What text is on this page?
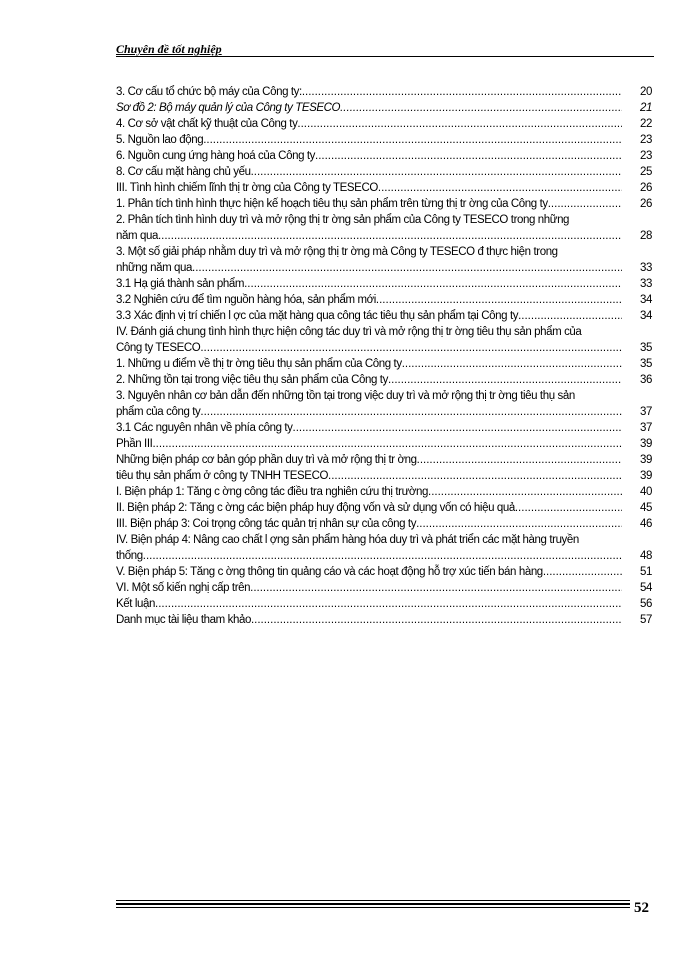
Chuyên đề tốt nghiệp
3. Cơ cấu tổ chức bộ máy của Công ty: .....	20
Sơ đồ 2: Bộ máy quản lý của Công ty TESECO .....	21
4. Cơ sở vật chất kỹ thuật của Công ty .....	22
5. Nguồn lao động .....	23
6. Nguồn cung ứng hàng hoá của Công ty .....	23
8. Cơ cấu mặt hàng chủ yếu .....	25
III. Tình hình chiếm lĩnh thị tr ờng của Công ty TESECO .....	26
1. Phân tích tình hình thực hiện kế hoạch tiêu thụ sản phẩm trên từng thị tr ờng của Công ty .....	26
2. Phân tích tình hình duy trì và mở rộng thị tr ờng sản phẩm của Công ty TESECO trong những
năm qua .....	28
3. Một số giải pháp nhằm duy trì và mở rộng thị tr ờng mà Công ty TESECO đ thực hiện trong
những năm qua .....	33
3.1 Hạ giá thành sản phẩm .....	33
3.2 Nghiên cứu để tìm nguồn hàng hóa, sản phẩm mới .....	34
3.3 Xác định vị trí chiến l ợc của mặt hàng qua công tác tiêu thụ sản phẩm tại Công ty .....	34
IV. Đánh giá chung tình hình thực hiện công tác duy trì và mở rộng thị tr ờng tiêu thụ sản phẩm của
Công ty TESECO .....	35
1. Những u điểm về thị tr ờng tiêu thụ sản phẩm của Công ty .....	35
2. Những tồn tại trong việc tiêu thụ sản phẩm của Công ty .....	36
3. Nguyên nhân cơ bản dẫn đến những tồn tại trong việc duy trì và mở rộng thị tr ờng tiêu thụ sản
phẩm của công ty .....	37
3.1 Các nguyên nhân về phía công ty .....	37
Phần III .....	39
Những biện pháp cơ bản góp phần duy trì và mở rộng thị tr ờng .....	39
tiêu thụ sản phẩm ở công ty TNHH TESECO .....	39
I. Biện pháp 1: Tăng c ờng công tác điều tra nghiên cứu thị trường .....	40
II. Biện pháp 2: Tăng c ờng các biện pháp huy động vốn và sử dụng vốn có hiệu quả .....	45
III. Biện pháp 3: Coi trọng công tác quản trị nhân sự của công ty .....	46
IV. Biện pháp 4: Nâng cao chất l ợng sản phẩm hàng hóa duy trì và phát triển các mặt hàng truyền
thống .....	48
V. Biện pháp 5: Tăng c ờng thông tin quảng cáo và các hoạt động hỗ trợ xúc tiến bán hàng .....	51
VI. Một số kiến nghị cấp trên .....	54
Kết luận .....	56
Danh mục tài liệu tham khảo .....	57
52
